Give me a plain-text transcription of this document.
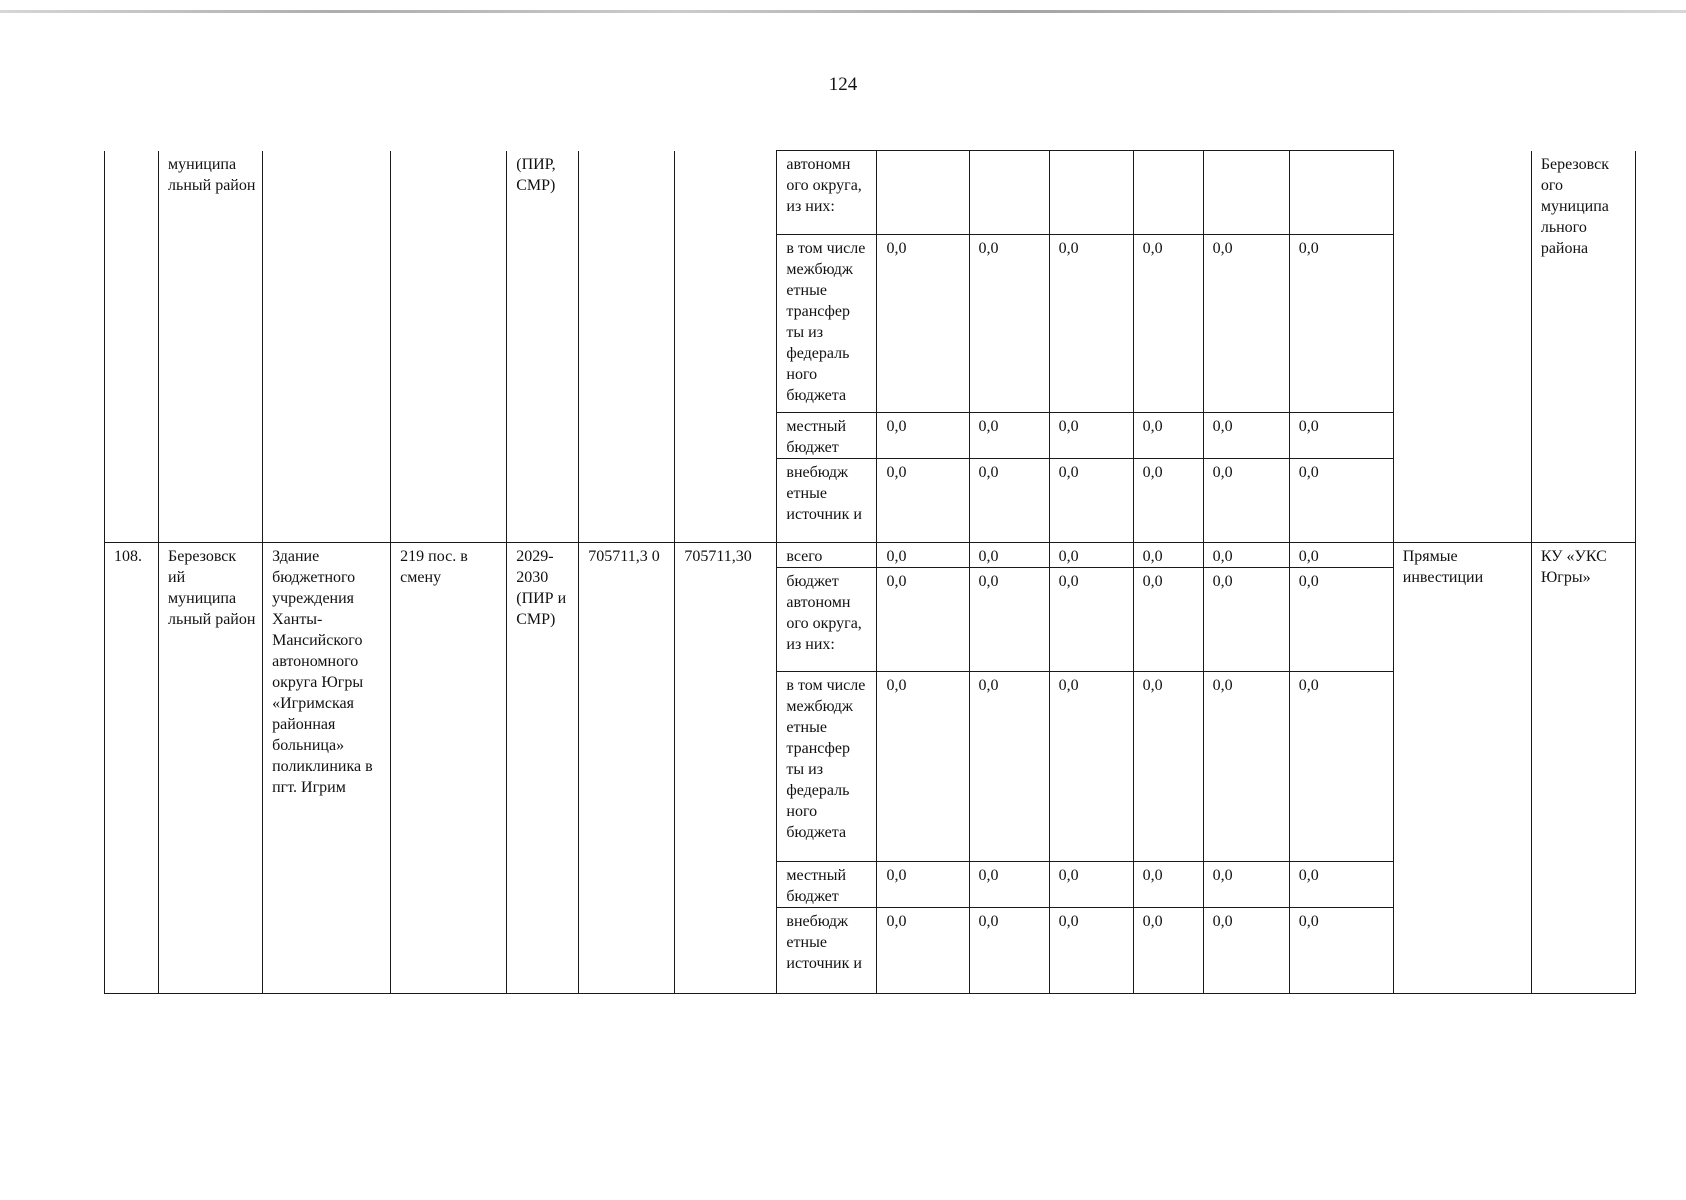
124
	муниципа льный район			(ПИР, СМР)			автономн ого округа, из них:								Березовск ого муниципа льного района
							в том числе межбюдж етные трансфер ты из федераль ного бюджета	0,0	0,0	0,0	0,0	0,0	0,0		
							местный бюджет	0,0	0,0	0,0	0,0	0,0	0,0		
							внебюдж етные источник и	0,0	0,0	0,0	0,0	0,0	0,0		
108.	Березовск ий муниципа льный район	Здание бюджетного учреждения Ханты-Мансийского автономного округа Югры «Игримская районная больница» поликлиника в пгт. Игрим	219 пос. в смену	2029-2030 (ПИР и СМР)	705711,3 0	705711,30	всего	0,0	0,0	0,0	0,0	0,0	0,0	Прямые инвестиции	КУ «УКС Югры»
							бюджет автономн ого округа, из них:	0,0	0,0	0,0	0,0	0,0	0,0		
							в том числе межбюдж етные трансфер ты из федераль ного бюджета	0,0	0,0	0,0	0,0	0,0	0,0		
							местный бюджет	0,0	0,0	0,0	0,0	0,0	0,0		
							внебюдж етные источник и	0,0	0,0	0,0	0,0	0,0	0,0		
